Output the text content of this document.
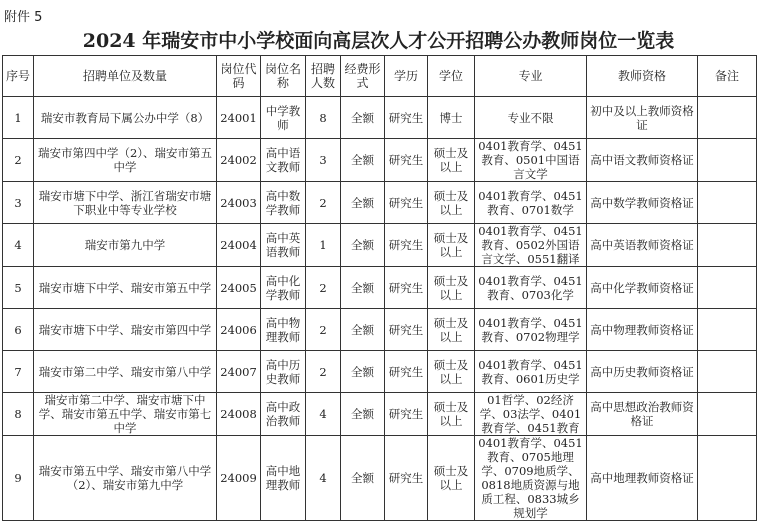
附件 5
2024 年瑞安市中小学校面向高层次人才公开招聘公办教师岗位一览表
序号	招聘单位及数量	岗位代码	岗位名称	招聘人数	经费形式	学历	学位	专业	教师资格	备注
1	瑞安市教育局下属公办中学（8）	24001	中学教师	8	全额	研究生	博士	专业不限	初中及以上教师资格证	
2	瑞安市第四中学（2）、瑞安市第五中学	24002	高中语文教师	3	全额	研究生	硕士及以上	0401教育学、0451教育、0501中国语言文学	高中语文教师资格证	
3	瑞安市塘下中学、浙江省瑞安市塘下职业中等专业学校	24003	高中数学教师	2	全额	研究生	硕士及以上	0401教育学、0451教育、0701数学	高中数学教师资格证	
4	瑞安市第九中学	24004	高中英语教师	1	全额	研究生	硕士及以上	0401教育学、0451教育、0502外国语言文学、0551翻译	高中英语教师资格证	
5	瑞安市塘下中学、瑞安市第五中学	24005	高中化学教师	2	全额	研究生	硕士及以上	0401教育学、0451教育、0703化学	高中化学教师资格证	
6	瑞安市塘下中学、瑞安市第四中学	24006	高中物理教师	2	全额	研究生	硕士及以上	0401教育学、0451教育、0702物理学	高中物理教师资格证	
7	瑞安市第二中学、瑞安市第八中学	24007	高中历史教师	2	全额	研究生	硕士及以上	0401教育学、0451教育、0601历史学	高中历史教师资格证	
8	瑞安市第二中学、瑞安市塘下中学、瑞安市第五中学、瑞安市第七中学	24008	高中政治教师	4	全额	研究生	硕士及以上	01哲学、02经济学、03法学、0401教育学、0451教育	高中思想政治教师资格证	
9	瑞安市第五中学、瑞安市第八中学（2）、瑞安市第九中学	24009	高中地理教师	4	全额	研究生	硕士及以上	0401教育学、0451教育、0705地理学、0709地质学、0818地质资源与地质工程、0833城乡规划学	高中地理教师资格证	
